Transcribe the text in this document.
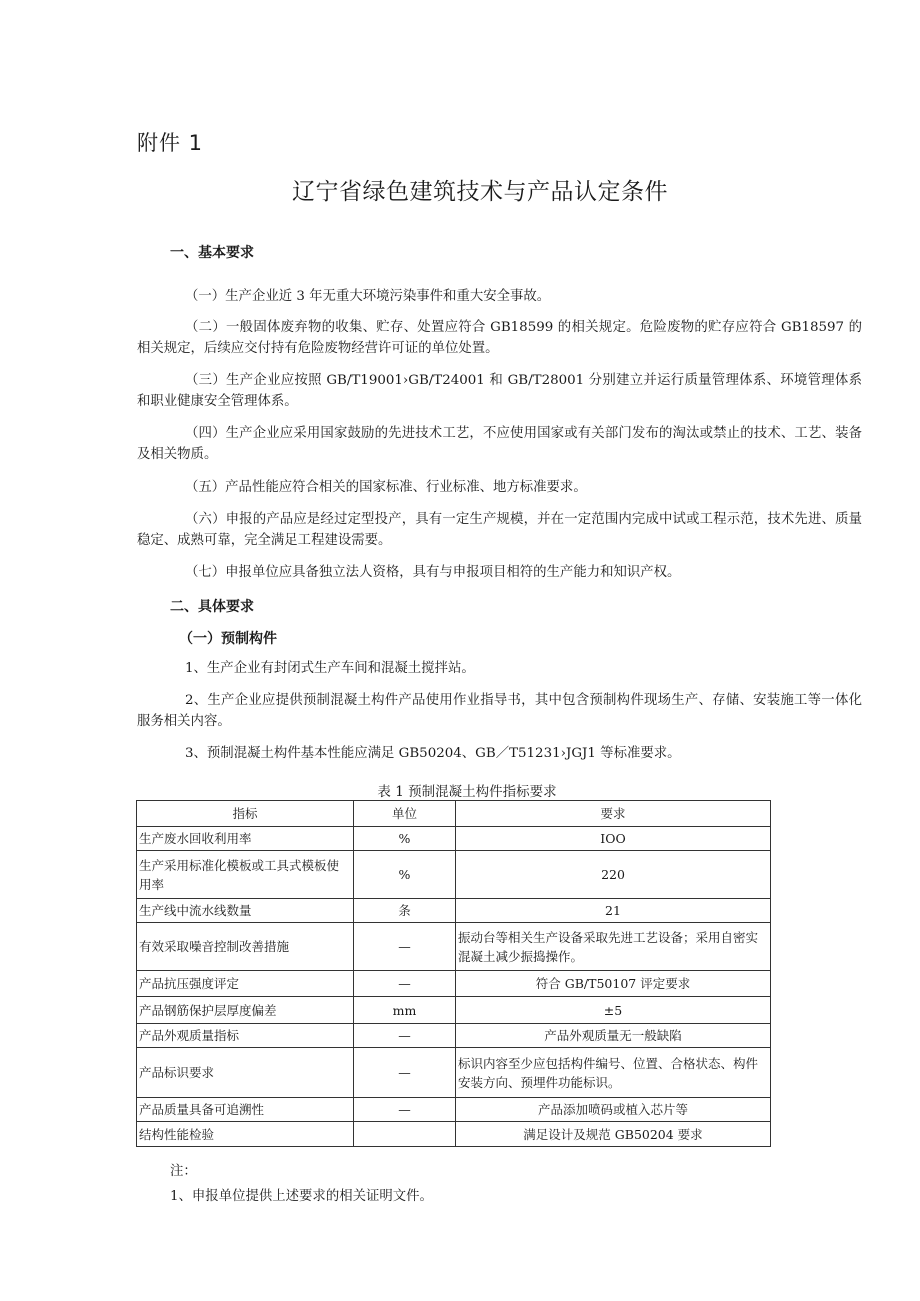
附件 1
辽宁省绿色建筑技术与产品认定条件
一、基本要求
（一）生产企业近 3 年无重大环境污染事件和重大安全事故。
（二）一般固体废弃物的收集、贮存、处置应符合 GB18599 的相关规定。危险废物的贮存应符合 GB18597 的相关规定，后续应交付持有危险废物经营许可证的单位处置。
（三）生产企业应按照 GB/T19001›GB/T24001 和 GB/T28001 分别建立并运行质量管理体系、环境管理体系和职业健康安全管理体系。
（四）生产企业应采用国家鼓励的先进技术工艺，不应使用国家或有关部门发布的淘汰或禁止的技术、工艺、装备及相关物质。
（五）产品性能应符合相关的国家标准、行业标准、地方标准要求。
（六）申报的产品应是经过定型投产，具有一定生产规模，并在一定范围内完成中试或工程示范，技术先进、质量稳定、成熟可靠，完全满足工程建设需要。
（七）申报单位应具备独立法人资格，具有与申报项目相符的生产能力和知识产权。
二、具体要求
（一）预制构件
1、生产企业有封闭式生产车间和混凝土搅拌站。
2、生产企业应提供预制混凝土构件产品使用作业指导书，其中包含预制构件现场生产、存储、安装施工等一体化服务相关内容。
3、预制混凝土构件基本性能应满足 GB50204、GB／T51231›JGJ1 等标准要求。
表 1 预制混凝土构件指标要求
指标	单位	要求
生产废水回收利用率	%	IOO
生产采用标准化模板或工具式模板使用率	%	220
生产线中流水线数量	条	21
有效采取噪音控制改善措施	—	振动台等相关生产设备采取先进工艺设备；采用自密实混凝土减少振捣操作。
产品抗压强度评定	—	符合 GB/T50107 评定要求
产品钢筋保护层厚度偏差	mm	±5
产品外观质量指标	—	产品外观质量无一般缺陷
产品标识要求	—	标识内容至少应包括构件编号、位置、合格状态、构件安装方向、预埋件功能标识。
产品质量具备可追溯性	—	产品添加喷码或植入芯片等
结构性能检验		满足设计及规范 GB50204 要求
注：
1、申报单位提供上述要求的相关证明文件。
